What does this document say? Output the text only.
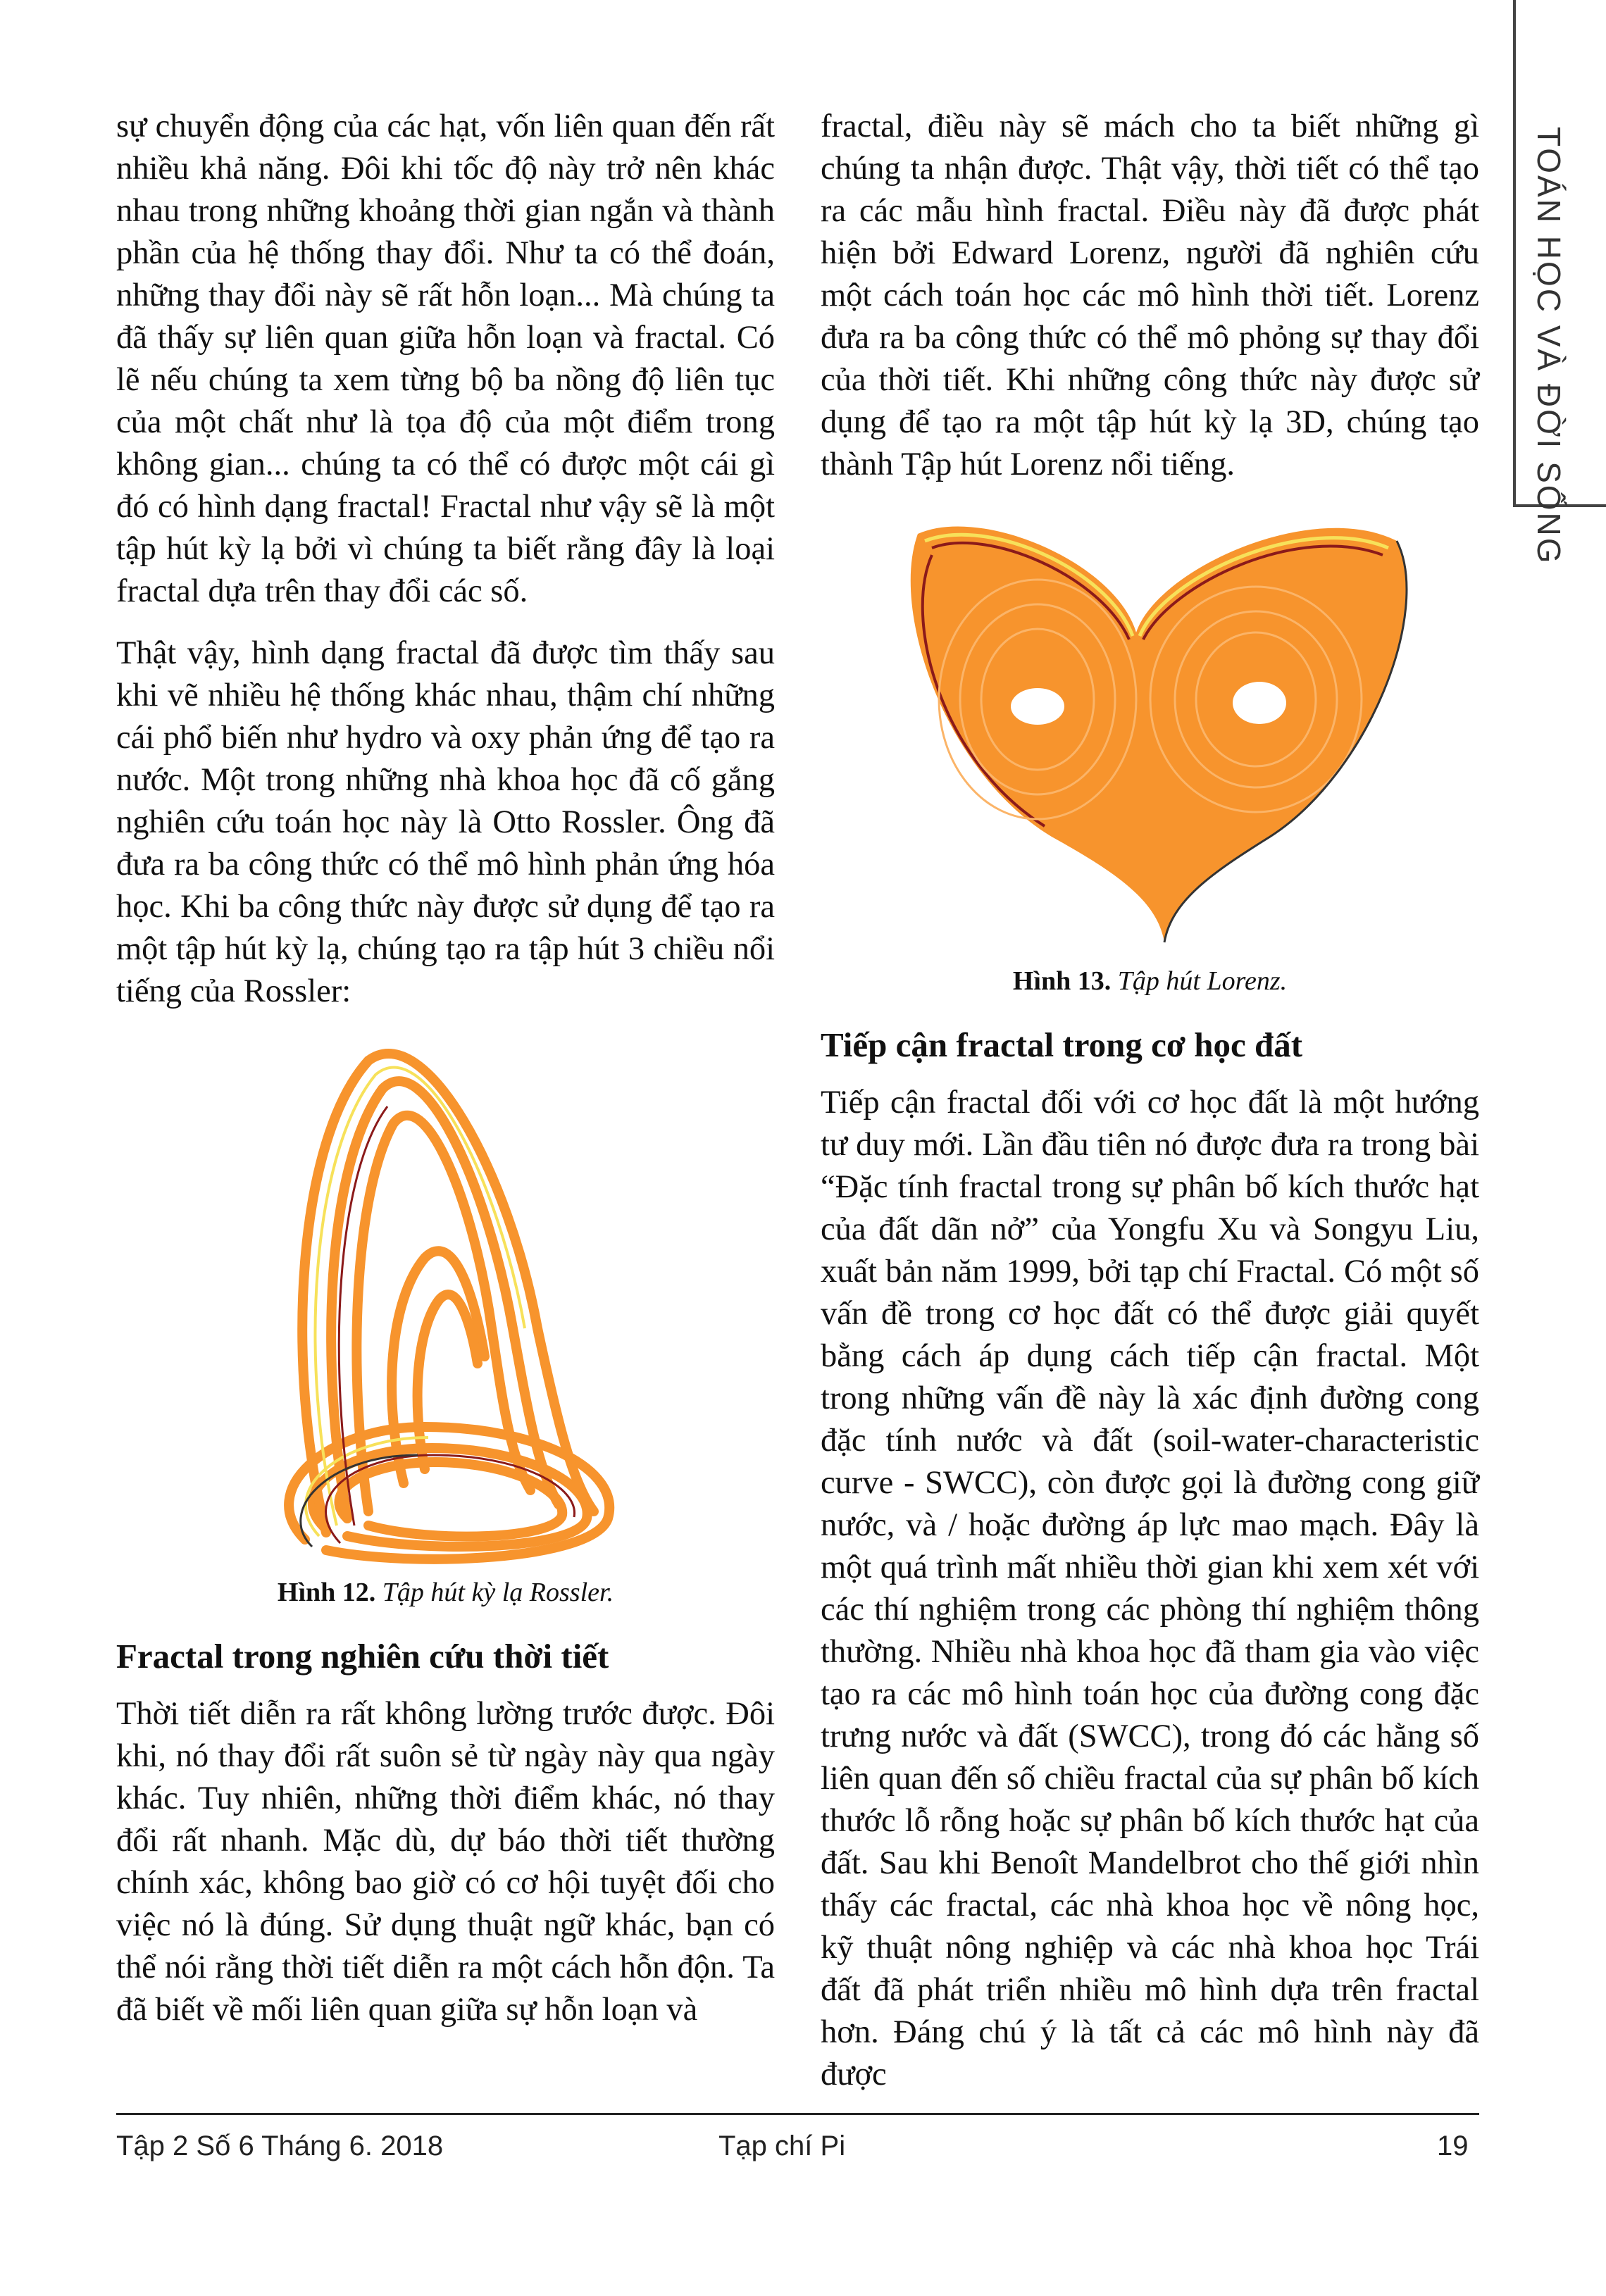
TOÁN HỌC VÀ ĐỜI SỐNG

sự chuyển động của các hạt, vốn liên quan đến rất nhiều khả năng. Đôi khi tốc độ này trở nên khác nhau trong những khoảng thời gian ngắn và thành phần của hệ thống thay đổi. Như ta có thể đoán, những thay đổi này sẽ rất hỗn loạn... Mà chúng ta đã thấy sự liên quan giữa hỗn loạn và fractal. Có lẽ nếu chúng ta xem từng bộ ba nồng độ liên tục của một chất như là tọa độ của một điểm trong không gian... chúng ta có thể có được một cái gì đó có hình dạng fractal! Fractal như vậy sẽ là một tập hút kỳ lạ bởi vì chúng ta biết rằng đây là loại fractal dựa trên thay đổi các số.

Thật vậy, hình dạng fractal đã được tìm thấy sau khi vẽ nhiều hệ thống khác nhau, thậm chí những cái phổ biến như hydro và oxy phản ứng để tạo ra nước. Một trong những nhà khoa học đã cố gắng nghiên cứu toán học này là Otto Rossler. Ông đã đưa ra ba công thức có thể mô hình phản ứng hóa học. Khi ba công thức này được sử dụng để tạo ra một tập hút kỳ lạ, chúng tạo ra tập hút 3 chiều nổi tiếng của Rossler:

Hình 12. Tập hút kỳ lạ Rossler.
Fractal trong nghiên cứu thời tiết

Thời tiết diễn ra rất không lường trước được. Đôi khi, nó thay đổi rất suôn sẻ từ ngày này qua ngày khác. Tuy nhiên, những thời điểm khác, nó thay đổi rất nhanh. Mặc dù, dự báo thời tiết thường chính xác, không bao giờ có cơ hội tuyệt đối cho việc nó là đúng. Sử dụng thuật ngữ khác, bạn có thể nói rằng thời tiết diễn ra một cách hỗn độn. Ta đã biết về mối liên quan giữa sự hỗn loạn và

fractal, điều này sẽ mách cho ta biết những gì chúng ta nhận được. Thật vậy, thời tiết có thể tạo ra các mẫu hình fractal. Điều này đã được phát hiện bởi Edward Lorenz, người đã nghiên cứu một cách toán học các mô hình thời tiết. Lorenz đưa ra ba công thức có thể mô phỏng sự thay đổi của thời tiết. Khi những công thức này được sử dụng để tạo ra một tập hút kỳ lạ 3D, chúng tạo thành Tập hút Lorenz nổi tiếng.

Hình 13. Tập hút Lorenz.
Tiếp cận fractal trong cơ học đất

Tiếp cận fractal đối với cơ học đất là một hướng tư duy mới. Lần đầu tiên nó được đưa ra trong bài “Đặc tính fractal trong sự phân bố kích thước hạt của đất dãn nở” của Yongfu Xu và Songyu Liu, xuất bản năm 1999, bởi tạp chí Fractal. Có một số vấn đề trong cơ học đất có thể được giải quyết bằng cách áp dụng cách tiếp cận fractal. Một trong những vấn đề này là xác định đường cong đặc tính nước và đất (soil-water-characteristic curve - SWCC), còn được gọi là đường cong giữ nước, và / hoặc đường áp lực mao mạch. Đây là một quá trình mất nhiều thời gian khi xem xét với các thí nghiệm trong các phòng thí nghiệm thông thường. Nhiều nhà khoa học đã tham gia vào việc tạo ra các mô hình toán học của đường cong đặc trưng nước và đất (SWCC), trong đó các hằng số liên quan đến số chiều fractal của sự phân bố kích thước lỗ rỗng hoặc sự phân bố kích thước hạt của đất. Sau khi Benoît Mandelbrot cho thế giới nhìn thấy các fractal, các nhà khoa học về nông học, kỹ thuật nông nghiệp và các nhà khoa học Trái đất đã phát triển nhiều mô hình dựa trên fractal hơn. Đáng chú ý là tất cả các mô hình này đã được

Tập 2 Số 6 Tháng 6. 2018	Tạp chí Pi	19
